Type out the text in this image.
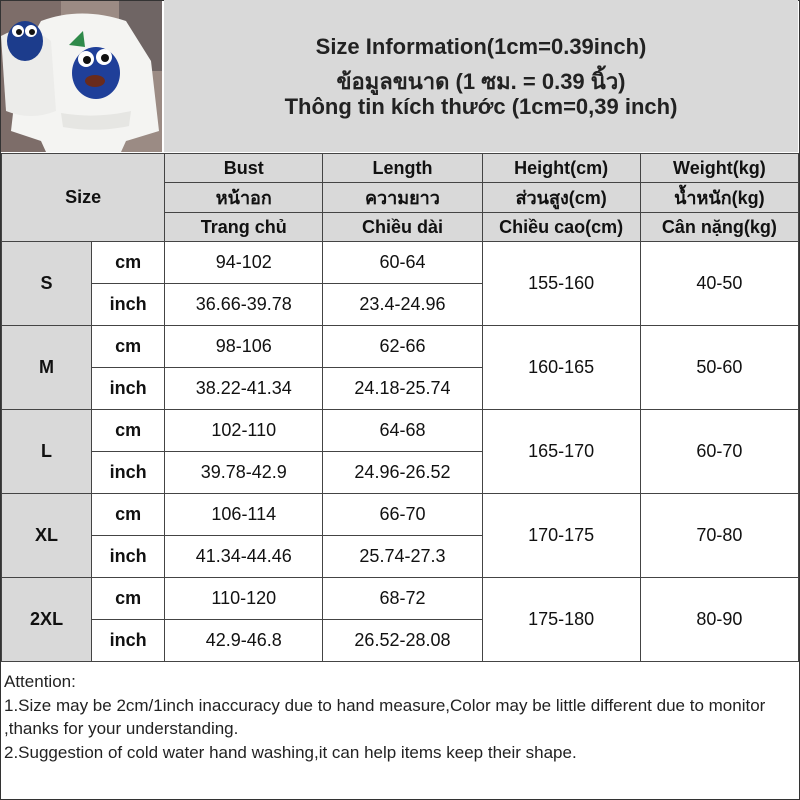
Size Information(1cm=0.39inch)
ข้อมูลขนาด (1 ซม. = 0.39 นิ้ว)
Thông tin kích thước (1cm=0,39 inch)
Size		Bust	Length	Height(cm)	Weight(kg)
		หน้าอก	ความยาว	ส่วนสูง(cm)	น้ำหนัก(kg)
		Trang chủ	Chiều dài	Chiều cao(cm)	Cân nặng(kg)
S	cm	94-102	60-64	155-160	40-50
	inch	36.66-39.78	23.4-24.96		
M	cm	98-106	62-66	160-165	50-60
	inch	38.22-41.34	24.18-25.74		
L	cm	102-110	64-68	165-170	60-70
	inch	39.78-42.9	24.96-26.52		
XL	cm	106-114	66-70	170-175	70-80
	inch	41.34-44.46	25.74-27.3		
2XL	cm	110-120	68-72	175-180	80-90
	inch	42.9-46.8	26.52-28.08		
Attention:
1.Size may be 2cm/1inch inaccuracy due to hand measure,Color may be little different due to monitor ,thanks for your understanding.
2.Suggestion of cold water hand washing,it can help items keep their shape.
